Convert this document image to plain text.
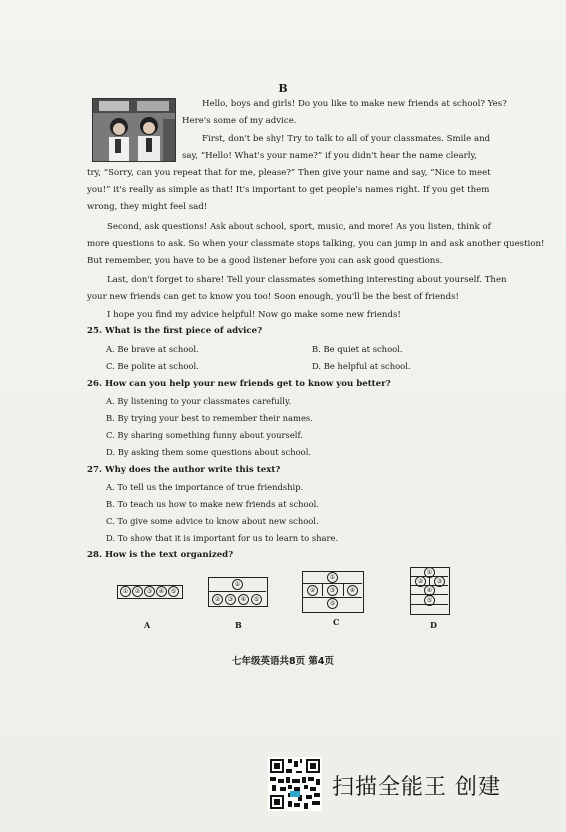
B
Hello, boys and girls! Do you like to make new friends at school? Yes?
Here's some of my advice.
First, don't be shy! Try to talk to all of your classmates. Smile and
say, “Hello! What's your name?” if you didn't hear the name clearly,
try, “Sorry, can you repeat that for me, please?” Then give your name and say, “Nice to meet
you!” it's really as simple as that! It's important to get people's names right. If you get them
wrong, they might feel sad!
Second, ask questions! Ask about school, sport, music, and more! As you listen, think of
more questions to ask. So when your classmate stops talking, you can jump in and ask another question!
But remember, you have to be a good listener before you can ask good questions.
Last, don't forget to share! Tell your classmates something interesting about yourself. Then
your new friends can get to know you too! Soon enough, you'll be the best of friends!
I hope you find my advice helpful! Now go make some new friends!
25. What is the first piece of advice?
A. Be brave at school.	B. Be quiet at school.
C. Be polite at school.	D. Be helpful at school.
26. How can you help your new friends get to know you better?
A. By listening to your classmates carefully.
B. By trying your best to remember their names.
C. By sharing something funny about yourself.
D. By asking them some questions about school.
27. Why does the author write this text?
A. To tell us the importance of true friendship.
B. To teach us how to make new friends at school.
C. To give some advice to know about new school.
D. To show that it is important for us to learn to share.
28. How is the text organized?
①	②	③	④	⑤
A
①
②	③	④	⑤
B
①
②	③	④
⑤
C
①
②	③
④
⑤
D
七年级英语共8页 第4页
扫描全能王 创建
